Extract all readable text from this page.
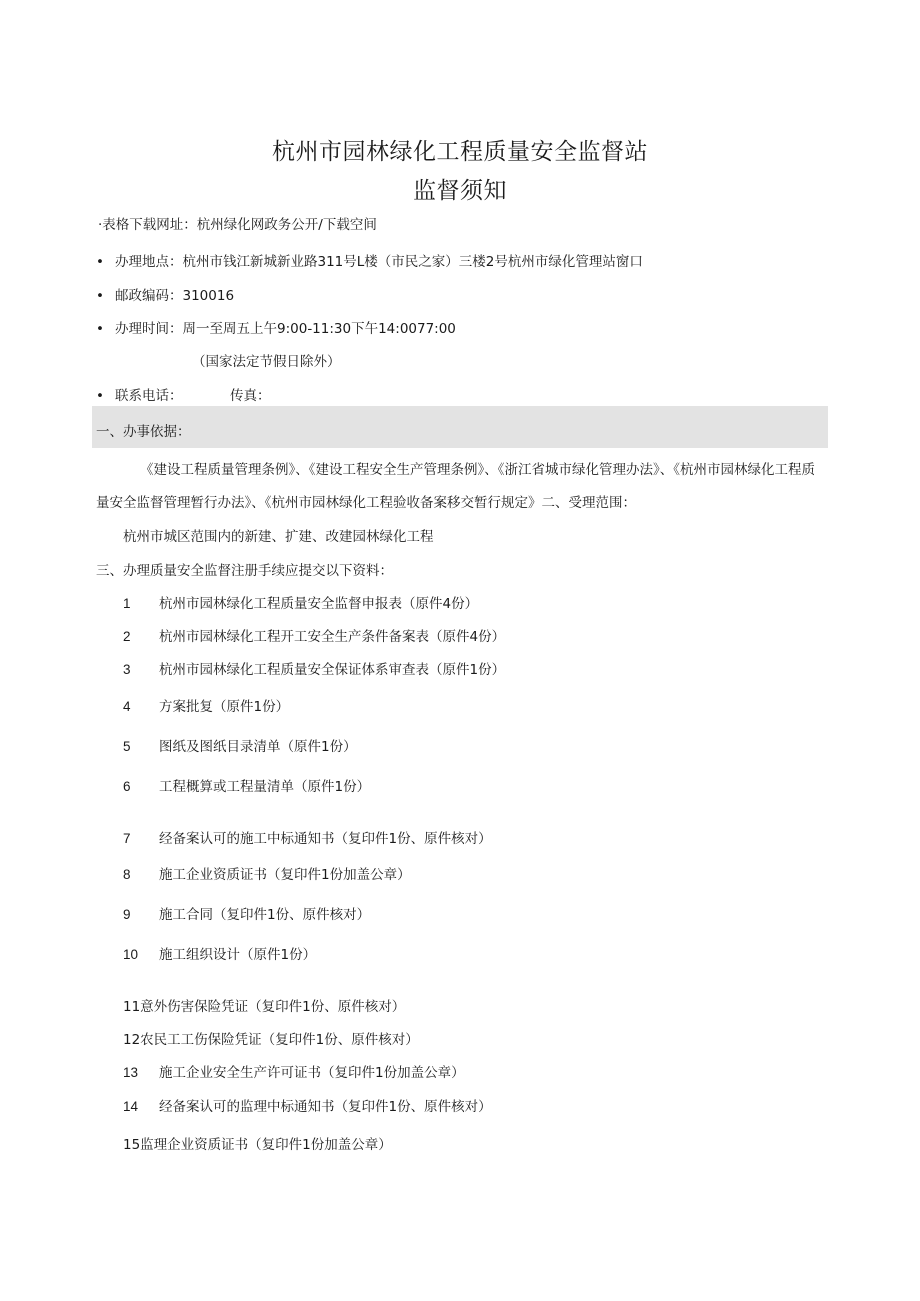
杭州市园林绿化工程质量安全监督站
监督须知
·表格下载网址：杭州绿化网政务公开/下载空间
• 办理地点：杭州市钱江新城新业路311号L楼（市民之家）三楼2号杭州市绿化管理站窗口
• 邮政编码：310016
• 办理时间：周一至周五上午9:00-11:30下午14:0077:00
（国家法定节假日除外）
• 联系电话：	传真：
一、办事依据：

《建设工程质量管理条例》、《建设工程安全生产管理条例》、《浙江省城市绿化管理办法》、《杭州市园林绿化工程质量安全监督管理暂行办法》、《杭州市园林绿化工程验收备案移交暂行规定》二、受理范围：

杭州市城区范围内的新建、扩建、改建园林绿化工程
三、办理质量安全监督注册手续应提交以下资料：
1 杭州市园林绿化工程质量安全监督申报表（原件4份）
2 杭州市园林绿化工程开工安全生产条件备案表（原件4份）
3 杭州市园林绿化工程质量安全保证体系审查表（原件1份）
4 方案批复（原件1份）
5 图纸及图纸目录清单（原件1份）
6 工程概算或工程量清单（原件1份）
7 经备案认可的施工中标通知书（复印件1份、原件核对）
8 施工企业资质证书（复印件1份加盖公章）
9 施工合同（复印件1份、原件核对）
10 施工组织设计（原件1份）
11意外伤害保险凭证（复印件1份、原件核对）
12农民工工伤保险凭证（复印件1份、原件核对）
13 施工企业安全生产许可证书（复印件1份加盖公章）
14 经备案认可的监理中标通知书（复印件1份、原件核对）
15监理企业资质证书（复印件1份加盖公章）
